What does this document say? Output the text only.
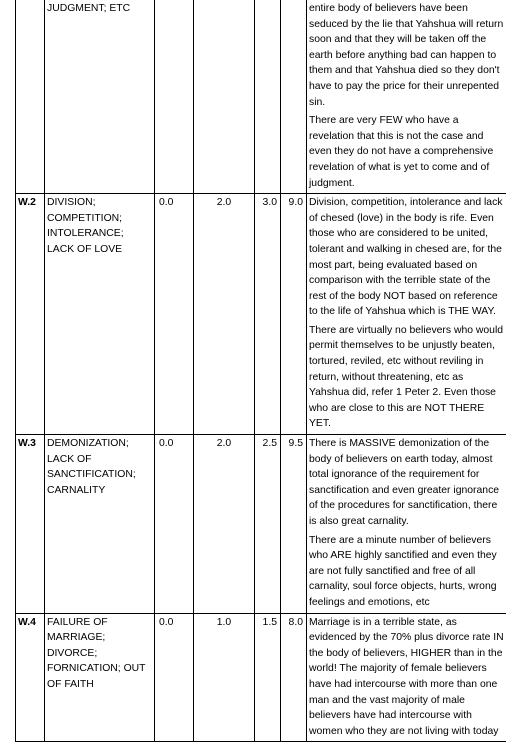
	JUDGMENT; ETC					entire body of believers have been seduced by the lie that Yahshua will return soon and that they will be taken off the earth before anything bad can happen to them and that Yahshua died so they don't have to pay the price for their unrepented sin.

There are very FEW who have a revelation that this is not the case and even they do not have a comprehensive revelation of what is yet to come and of judgment.

W.2	DIVISION; COMPETITION; INTOLERANCE; LACK OF LOVE	0.0	2.0	3.0	9.0	Division, competition, intolerance and lack of chesed (love) in the body is rife. Even those who are considered to be united, tolerant and walking in chesed are, for the most part, being evaluated based on comparison with the terrible state of the rest of the body NOT based on reference to the life of Yahshua which is THE WAY.

There are virtually no believers who would permit themselves to be unjustly beaten, tortured, reviled, etc without reviling in return, without threatening, etc as Yahshua did, refer 1 Peter 2. Even those who are close to this are NOT THERE YET.

W.3	DEMONIZATION; LACK OF SANCTIFICATION; CARNALITY	0.0	2.0	2.5	9.5	There is MASSIVE demonization of the body of believers on earth today, almost total ignorance of the requirement for sanctification and even greater ignorance of the procedures for sanctification, there is also great carnality.

There are a minute number of believers who ARE highly sanctified and even they are not fully sanctified and free of all carnality, soul force objects, hurts, wrong feelings and emotions, etc

W.4	FAILURE OF MARRIAGE; DIVORCE; FORNICATION; OUT OF FAITH	0.0	1.0	1.5	8.0	Marriage is in a terrible state, as evidenced by the 70% plus divorce rate IN the body of believers, HIGHER than in the world! The majority of female believers have had intercourse with more than one man and the vast majority of male believers have had intercourse with women who they are not living with today
